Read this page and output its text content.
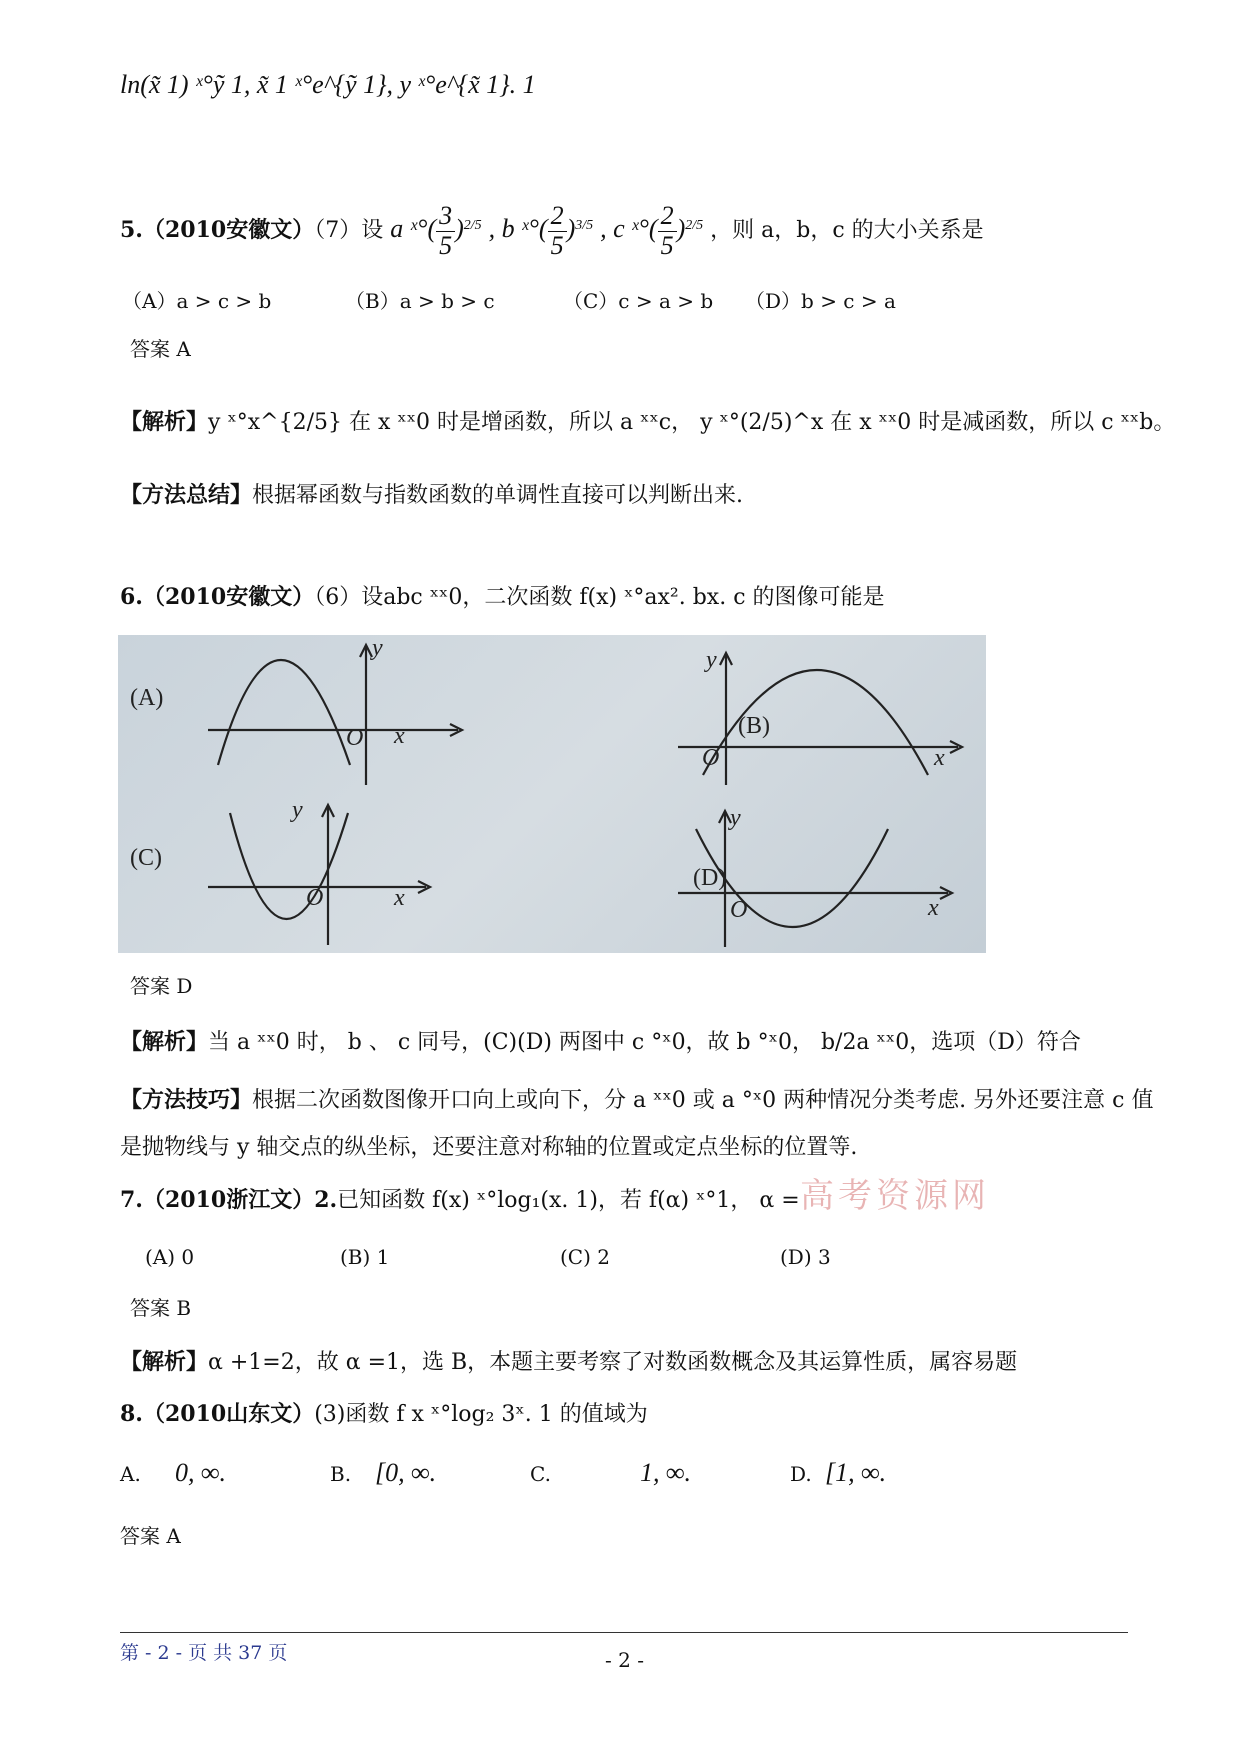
ln(x̃ 1) ˣ°ỹ 1, x̃ 1 ˣ°e^{ỹ 1}, y ˣ°e^{x̃ 1}. 1
5.（2010安徽文）（7）设 a ˣ°( $\frac{3}{5} )^{2/5}$ , b ˣ°( $\frac{2}{5} )^{3/5}$ , c ˣ°( $\frac{2}{5} )^{2/5}$ ，则 a，b，c 的大小关系是
（A）a > c > b	（B）a > b > c	（C）c > a > b （D）b > c > a
答案 A
【解析】y ˣ°x^{2/5} 在 x ˣˣ0 时是增函数，所以 a ˣˣc， y ˣ°(2/5)^x 在 x ˣˣ0 时是减函数，所以 c ˣˣb。
【方法总结】根据幂函数与指数函数的单调性直接可以判断出来.
6.（2010安徽文）（6）设abc ˣˣ0，二次函数 f(x) ˣ°ax². bx. c 的图像可能是
(A)
(B)
(C)
(D)
y
x
O
y
x
O
y
x
O
y
x
O
答案 D
【解析】当 a ˣˣ0 时， b 、 c 同号，(C)(D) 两图中 c °ˣ0，故 b °ˣ0， b/2a ˣˣ0，选项（D）符合
【方法技巧】根据二次函数图像开口向上或向下，分 a ˣˣ0 或 a °ˣ0 两种情况分类考虑. 另外还要注意 c 值
是抛物线与 y 轴交点的纵坐标，还要注意对称轴的位置或定点坐标的位置等.
7.（2010浙江文）2.已知函数 f(x) ˣ°log₁(x. 1)，若 f(α) ˣ°1， α = 高考资源网
(A) 0	(B) 1	(C) 2	(D) 3
答案 B
【解析】α +1=2，故 α =1，选 B，本题主要考察了对数函数概念及其运算性质，属容易题
8.（2010山东文）(3)函数 f x ˣ°log₂ 3ˣ. 1 的值域为
A. 0, ∞.	B. [0, ∞.	C.	1, ∞.	D. [1, ∞.
答案 A
第 - 2 - 页 共 37 页	- 2 -
